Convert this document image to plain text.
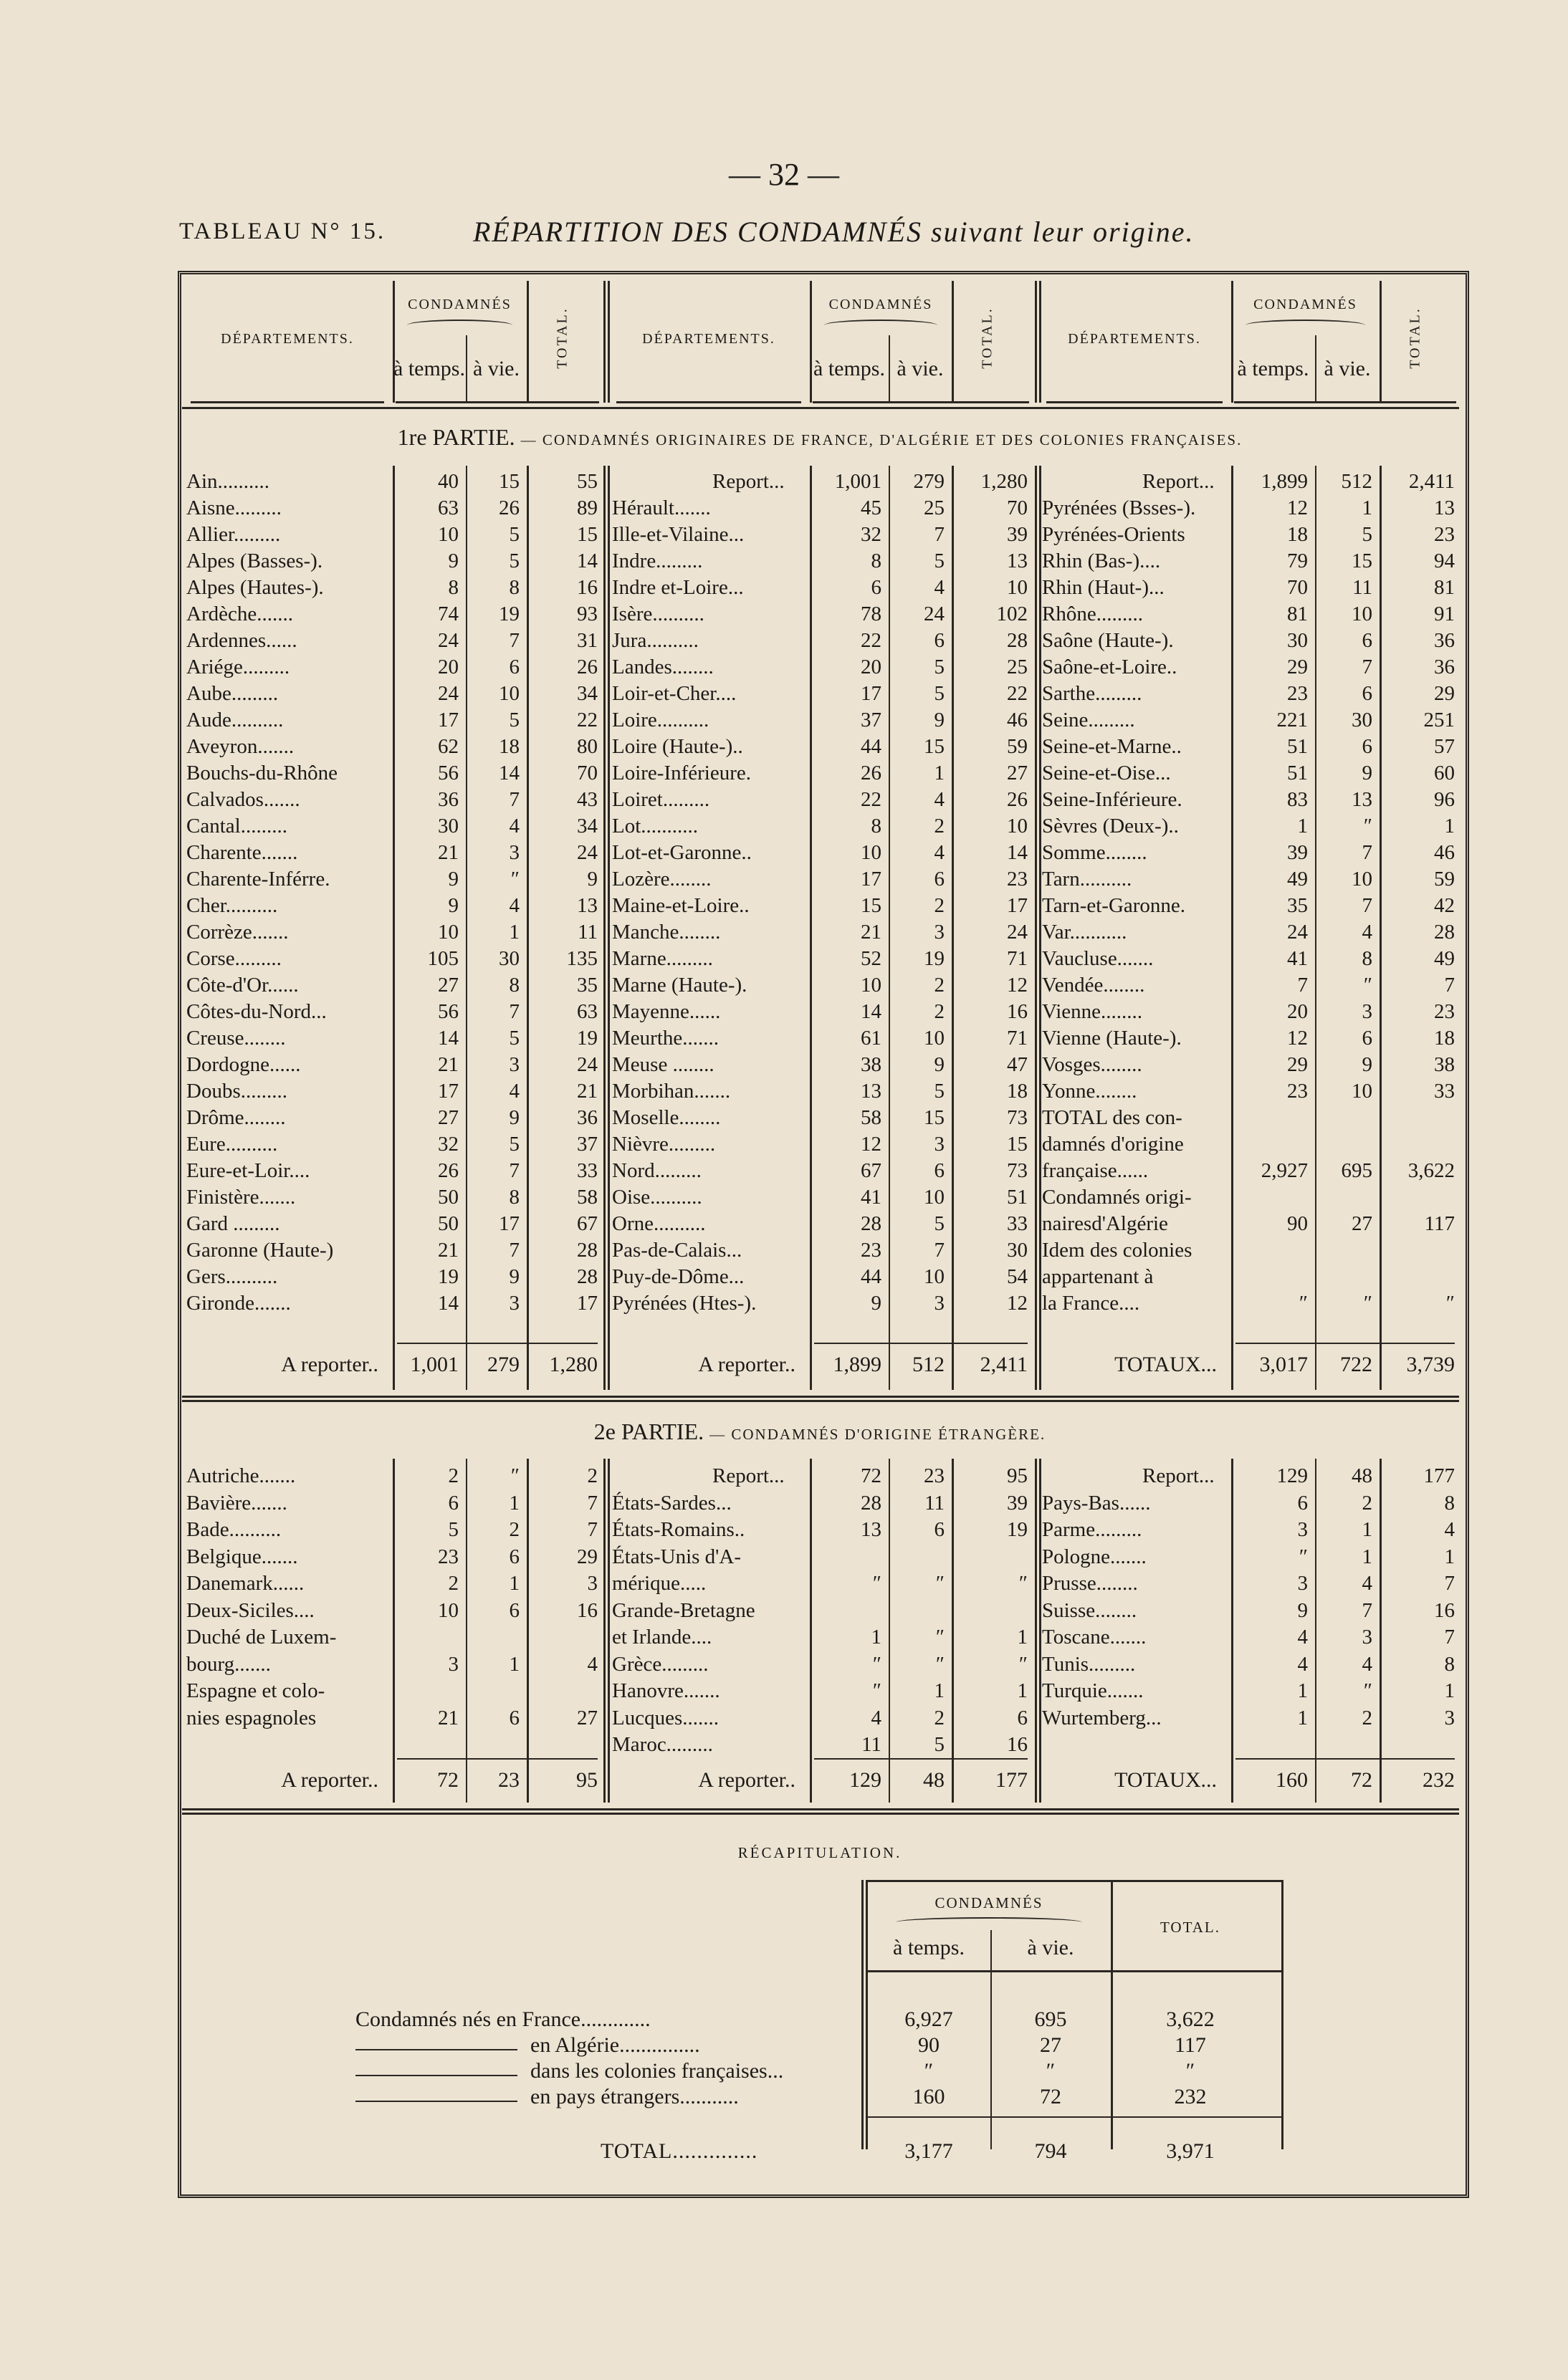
— 32 —
TABLEAU N° 15.	RÉPARTITION DES CONDAMNÉS suivant leur origine.
1re PARTIE. — CONDAMNÉS ORIGINAIRES DE FRANCE, D'ALGÉRIE ET DES COLONIES FRANÇAISES.
2e PARTIE. — CONDAMNÉS D'ORIGINE ÉTRANGÈRE.
Ain..........	40	15	55
Aisne.........	63	26	89
Allier.........	10	5	15
Alpes (Basses-).	9	5	14
Alpes (Hautes-).	8	8	16
Ardèche.......	74	19	93
Ardennes......	24	7	31
Ariége.........	20	6	26
Aube.........	24	10	34
Aude..........	17	5	22
Aveyron.......	62	18	80
Bouchs-du-Rhône	56	14	70
Calvados.......	36	7	43
Cantal.........	30	4	34
Charente.......	21	3	24
Charente-Inférre.	9	″	9
Cher..........	9	4	13
Corrèze.......	10	1	11
Corse.........	105	30	135
Côte-d'Or......	27	8	35
Côtes-du-Nord...	56	7	63
Creuse........	14	5	19
Dordogne......	21	3	24
Doubs.........	17	4	21
Drôme........	27	9	36
Eure..........	32	5	37
Eure-et-Loir....	26	7	33
Finistère.......	50	8	58
Gard .........	50	17	67
Garonne (Haute-)	21	7	28
Gers..........	19	9	28
Gironde.......	14	3	17
A reporter..	1,001	279	1,280
Report...	1,001	279	1,280
Hérault.......	45	25	70
Ille-et-Vilaine...	32	7	39
Indre.........	8	5	13
Indre et-Loire...	6	4	10
Isère..........	78	24	102
Jura..........	22	6	28
Landes........	20	5	25
Loir-et-Cher....	17	5	22
Loire..........	37	9	46
Loire (Haute-)..	44	15	59
Loire-Inférieure.	26	1	27
Loiret.........	22	4	26
Lot...........	8	2	10
Lot-et-Garonne..	10	4	14
Lozère........	17	6	23
Maine-et-Loire..	15	2	17
Manche........	21	3	24
Marne.........	52	19	71
Marne (Haute-).	10	2	12
Mayenne......	14	2	16
Meurthe.......	61	10	71
Meuse ........	38	9	47
Morbihan.......	13	5	18
Moselle........	58	15	73
Nièvre.........	12	3	15
Nord.........	67	6	73
Oise..........	41	10	51
Orne..........	28	5	33
Pas-de-Calais...	23	7	30
Puy-de-Dôme...	44	10	54
Pyrénées (Htes-).	9	3	12
A reporter..	1,899	512	2,411
Report...	1,899	512	2,411
Pyrénées (Bsses-).	12	1	13
Pyrénées-Orients	18	5	23
Rhin (Bas-)....	79	15	94
Rhin (Haut-)...	70	11	81
Rhône.........	81	10	91
Saône (Haute-).	30	6	36
Saône-et-Loire..	29	7	36
Sarthe.........	23	6	29
Seine.........	221	30	251
Seine-et-Marne..	51	6	57
Seine-et-Oise...	51	9	60
Seine-Inférieure.	83	13	96
Sèvres (Deux-)..	1	″	1
Somme........	39	7	46
Tarn..........	49	10	59
Tarn-et-Garonne.	35	7	42
Var...........	24	4	28
Vaucluse.......	41	8	49
Vendée........	7	″	7
Vienne........	20	3	23
Vienne (Haute-).	12	6	18
Vosges........	29	9	38
Yonne........	23	10	33
TOTAL des con-
damnés d'origine
française......	2,927	695	3,622
Condamnés origi-
nairesd'Algérie	90	27	117
Idem des colonies
appartenant à
la France....	″	″	″
TOTAUX...	3,017	722	3,739
Autriche.......	2	″	2
Bavière.......	6	1	7
Bade..........	5	2	7
Belgique.......	23	6	29
Danemark......	2	1	3
Deux-Siciles....	10	6	16
Duché de Luxem-
bourg.......	3	1	4
Espagne et colo-
nies espagnoles	21	6	27
A reporter..	72	23	95
Report...	72	23	95
États-Sardes...	28	11	39
États-Romains..	13	6	19
États-Unis d'A-
mérique.....	″	″	″
Grande-Bretagne
et Irlande....	1	″	1
Grèce.........	″	″	″
Hanovre.......	″	1	1
Lucques.......	4	2	6
Maroc.........	11	5	16
A reporter..	129	48	177
Report...	129	48	177
Pays-Bas......	6	2	8
Parme.........	3	1	4
Pologne.......	″	1	1
Prusse........	3	4	7
Suisse........	9	7	16
Toscane.......	4	3	7
Tunis.........	4	4	8
Turquie.......	1	″	1
Wurtemberg...	1	2	3
TOTAUX...	160	72	232
RÉCAPITULATION.
CONDAMNÉS
à temps.	à vie.
TOTAL.
Condamnés nés en France.............	6,927	695	3,622
en Algérie...............	90	27	117
dans les colonies françaises...	″	″	″
en pays étrangers...........	160	72	232
TOTAL..............	3,177	794	3,971
DÉPARTEMENTS.
CONDAMNÉS
à temps. à vie.	TOTAL.	DÉPARTEMENTS.
CONDAMNÉS
à temps. à vie.	TOTAL.	DÉPARTEMENTS.
CONDAMNÉS
à temps. à vie.	TOTAL.
